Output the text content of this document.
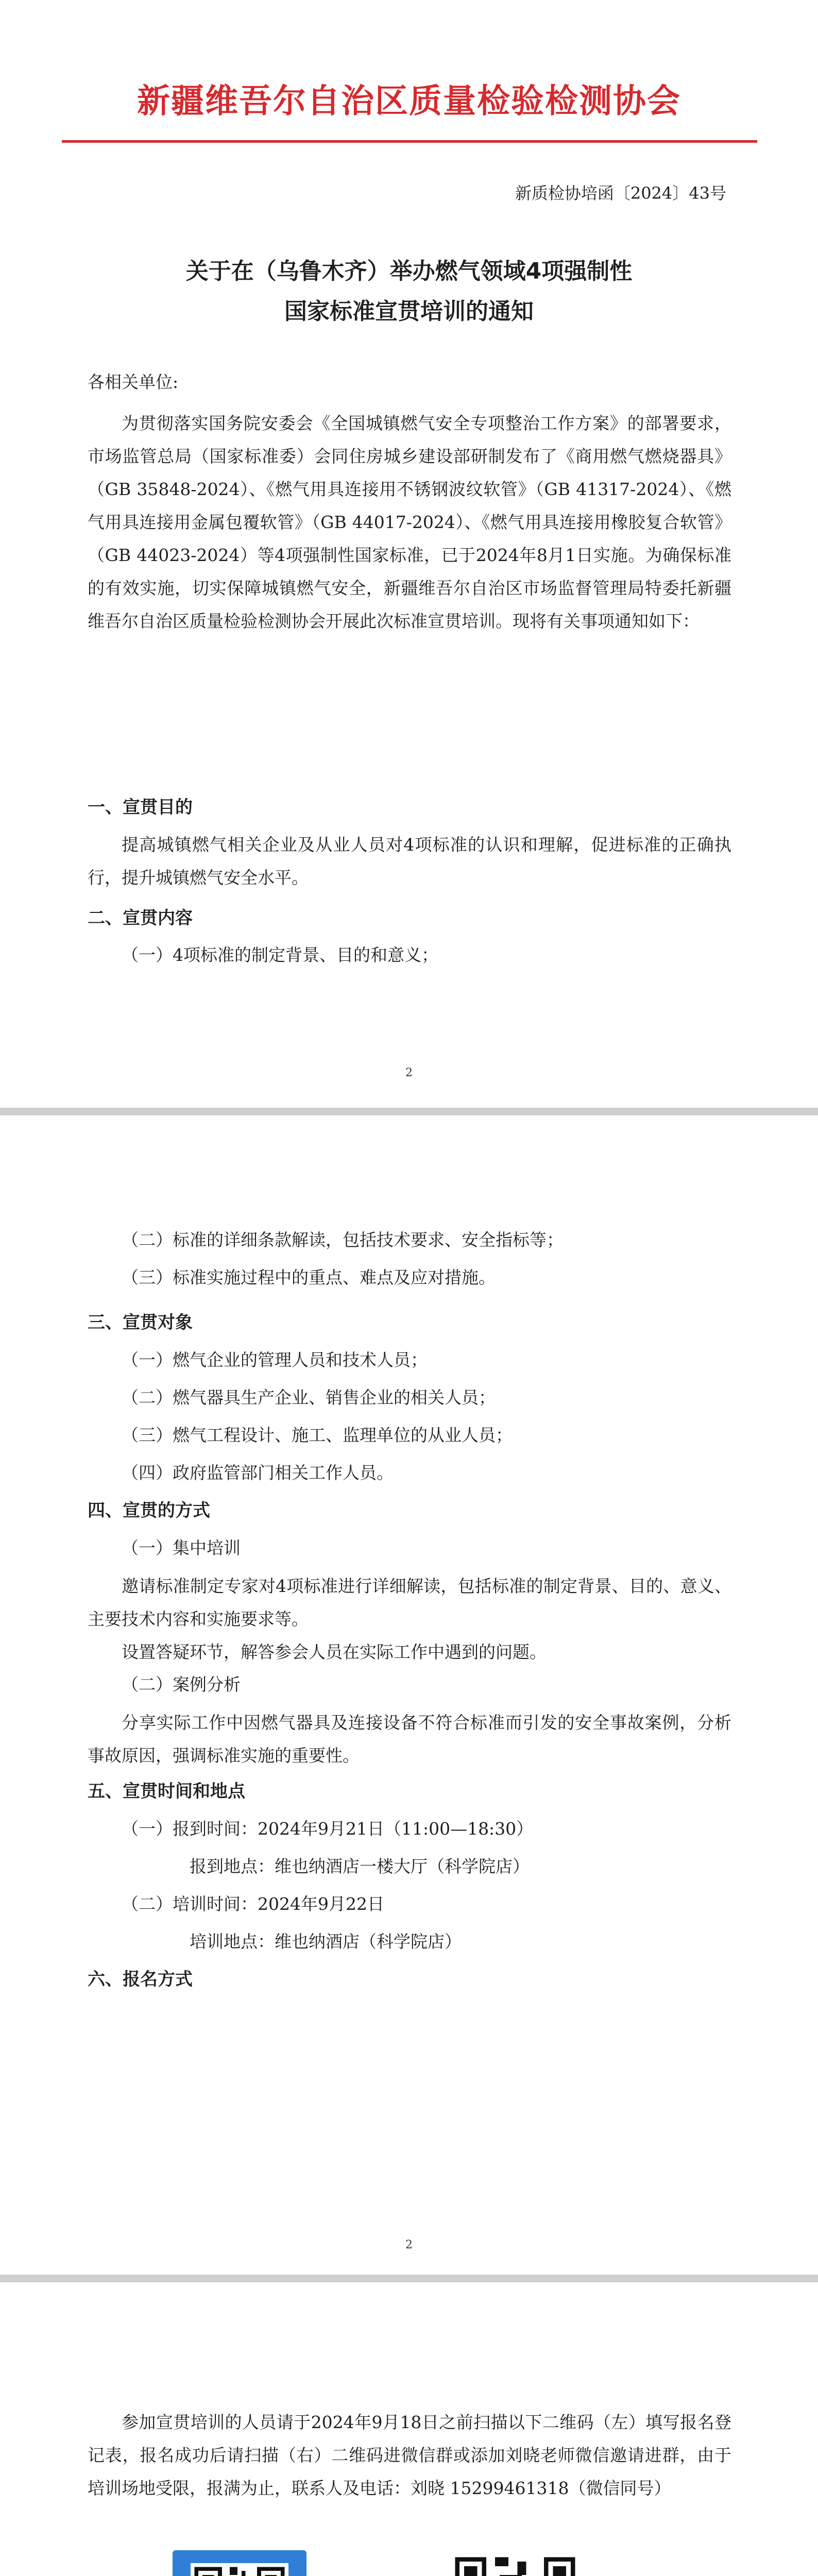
新疆维吾尔自治区质量检验检测协会
新质检协培函〔2024〕43号
关于在（乌鲁木齐）举办燃气领域4项强制性
国家标准宣贯培训的通知
各相关单位:

为贯彻落实国务院安委会《全国城镇燃气安全专项整治工作方案》的部署要求，市场监管总局（国家标准委）会同住房城乡建设部研制发布了《商用燃气燃烧器具》（GB 35848-2024）、《燃气用具连接用不锈钢波纹软管》（GB 41317-2024）、《燃气用具连接用金属包覆软管》（GB 44017-2024）、《燃气用具连接用橡胶复合软管》（GB 44023-2024）等4项强制性国家标准，已于2024年8月1日实施。为确保标准的有效实施，切实保障城镇燃气安全，新疆维吾尔自治区市场监督管理局特委托新疆维吾尔自治区质量检验检测协会开展此次标准宣贯培训。现将有关事项通知如下：

一、宣贯目的

提高城镇燃气相关企业及从业人员对4项标准的认识和理解，促进标准的正确执行，提升城镇燃气安全水平。

二、宣贯内容
（一）4项标准的制定背景、目的和意义；
2
（二）标准的详细条款解读，包括技术要求、安全指标等；
（三）标准实施过程中的重点、难点及应对措施。
三、宣贯对象
（一）燃气企业的管理人员和技术人员；
（二）燃气器具生产企业、销售企业的相关人员；
（三）燃气工程设计、施工、监理单位的从业人员；
（四）政府监管部门相关工作人员。
四、宣贯的方式
（一）集中培训

邀请标准制定专家对4项标准进行详细解读，包括标准的制定背景、目的、意义、主要技术内容和实施要求等。

设置答疑环节，解答参会人员在实际工作中遇到的问题。

（二）案例分析

分享实际工作中因燃气器具及连接设备不符合标准而引发的安全事故案例，分析事故原因，强调标准实施的重要性。

五、宣贯时间和地点
（一）报到时间：2024年9月21日（11:00—18:30）
报到地点：维也纳酒店一楼大厅（科学院店）
（二）培训时间：2024年9月22日
培训地点：维也纳酒店（科学院店）
六、报名方式
2

参加宣贯培训的人员请于2024年9月18日之前扫描以下二维码（左）填写报名登记表，报名成功后请扫描（右）二维码进微信群或添加刘晓老师微信邀请进群，由于培训场地受限，报满为止，联系人及电话：刘晓 15299461318（微信同号）
